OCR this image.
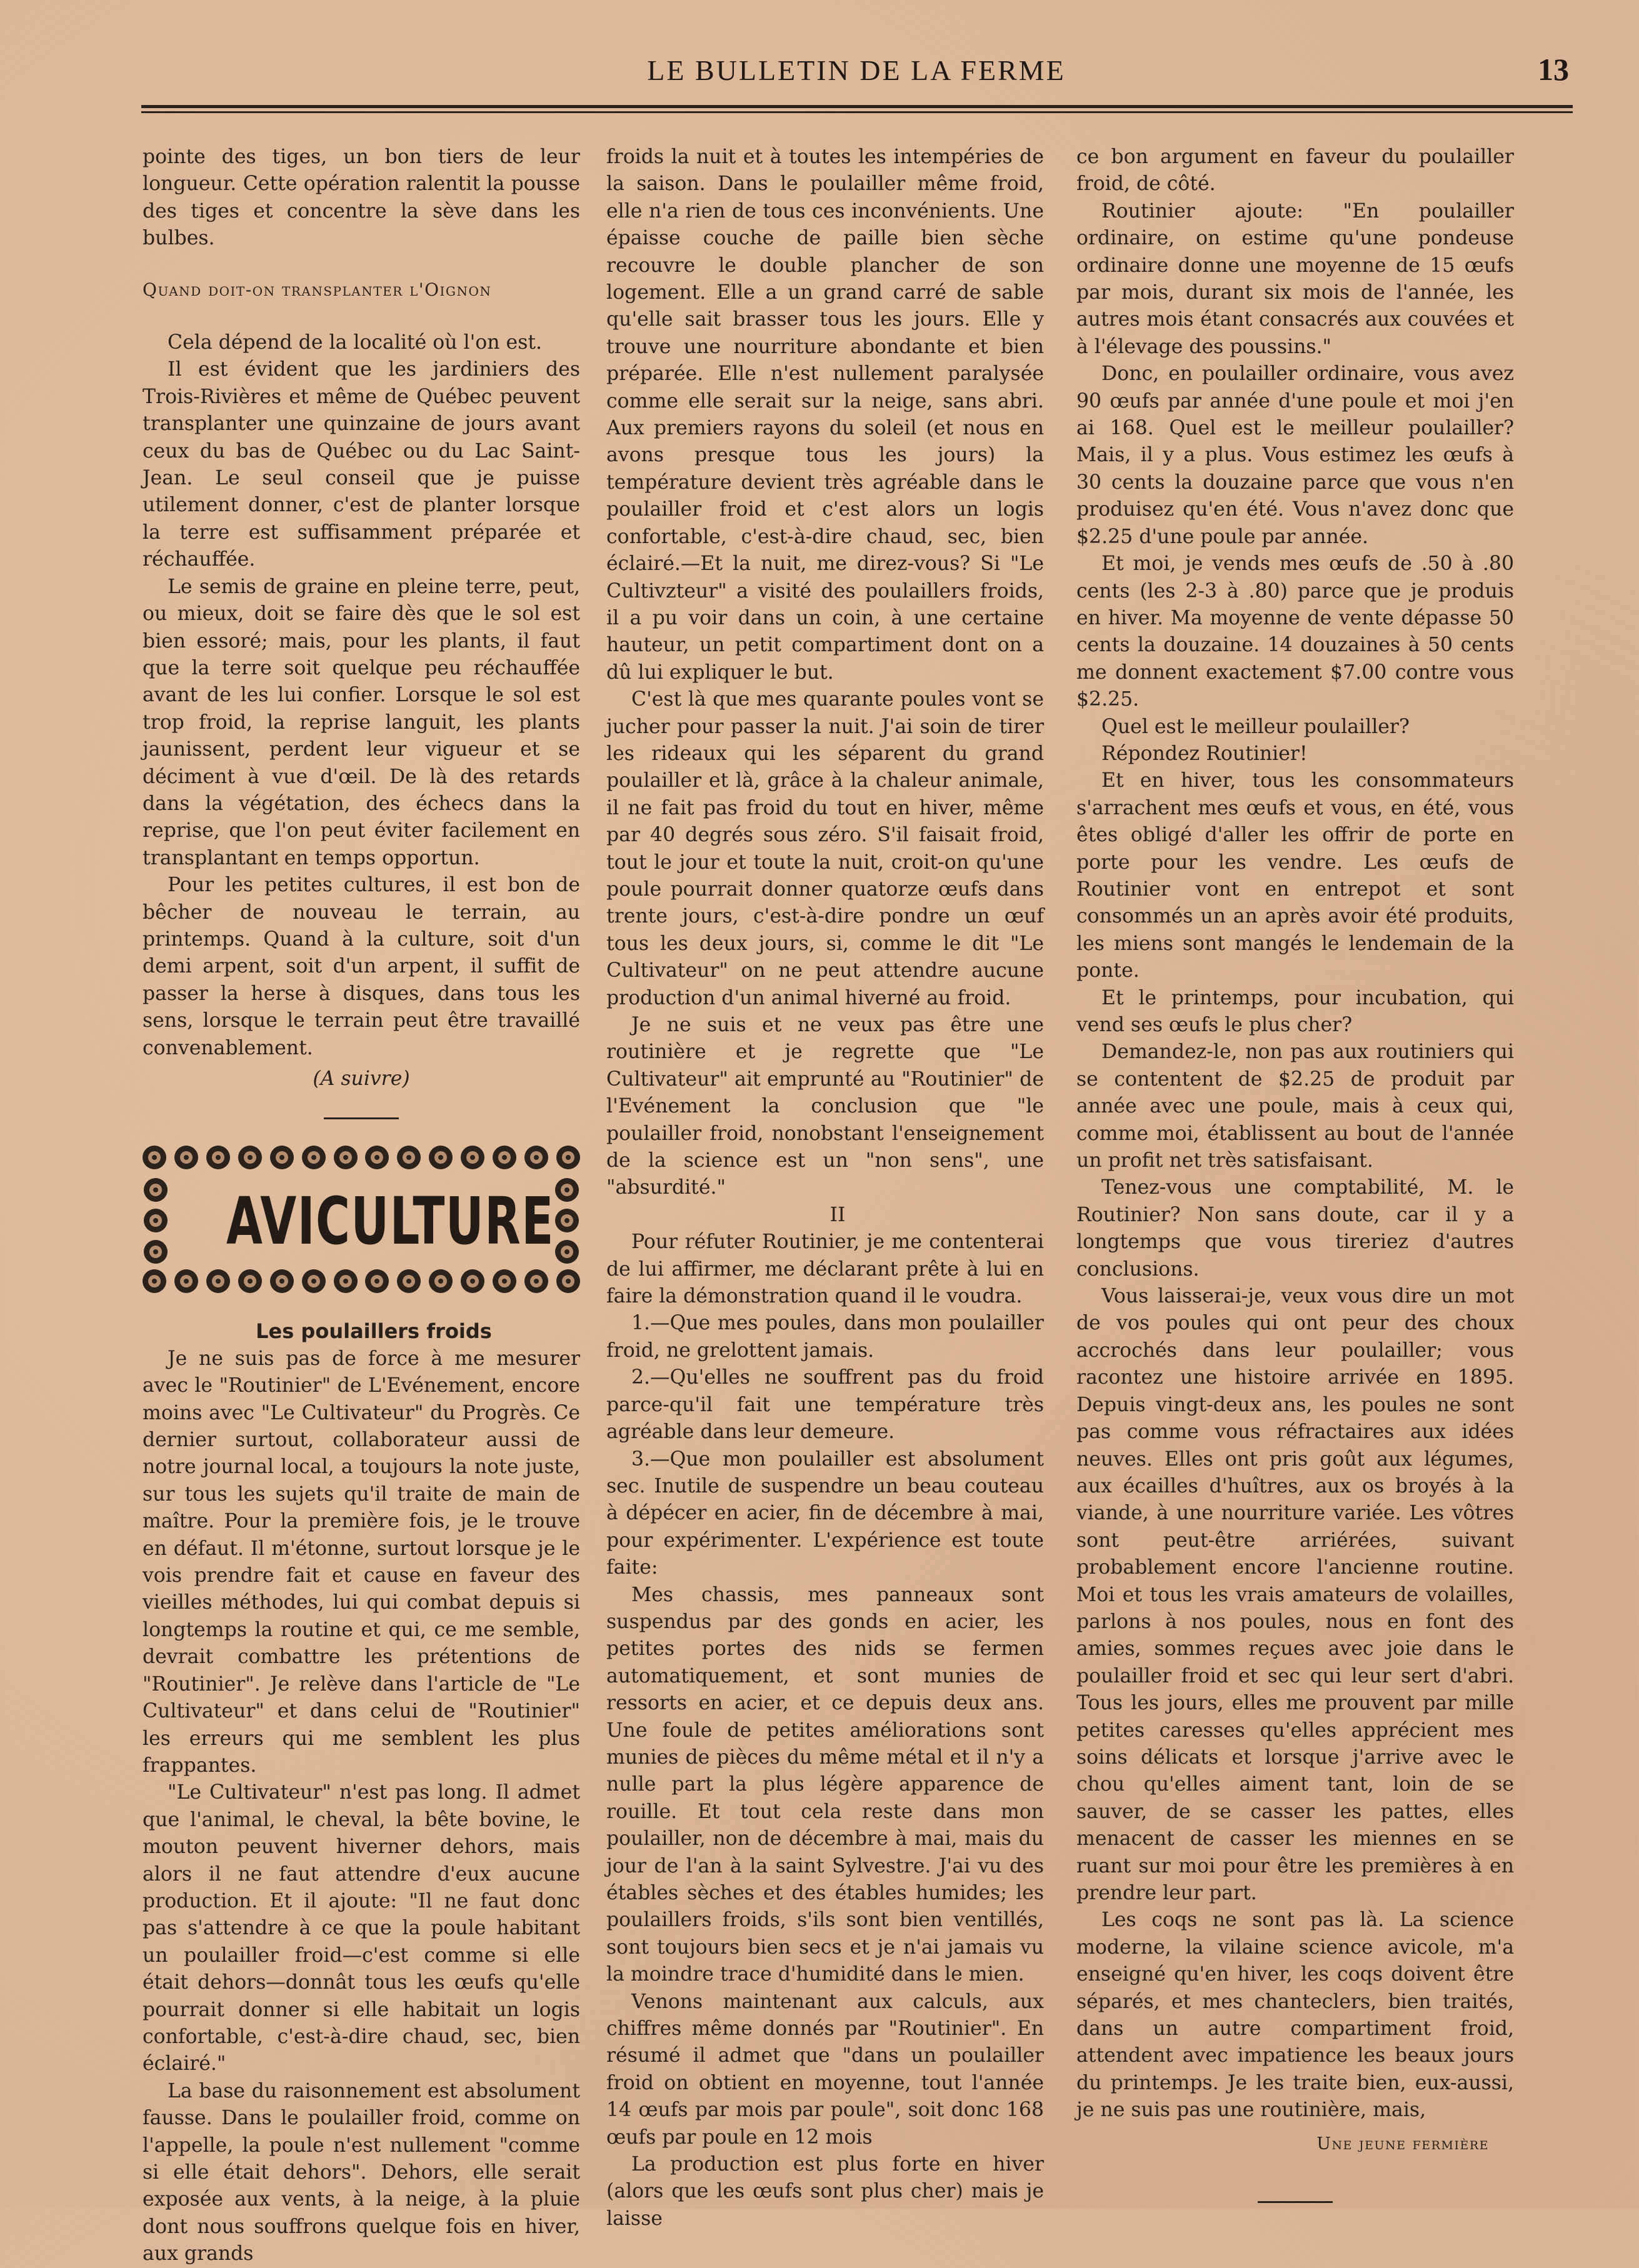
LE BULLETIN DE LA FERME	13

pointe des tiges, un bon tiers de leur longueur. Cette opération ralentit la pousse des tiges et concentre la sève dans les bulbes.

Quand doit-on transplanter l'Oignon

Cela dépend de la localité où l'on est.

Il est évident que les jardiniers des Trois-Rivières et même de Québec peuvent transplanter une quinzaine de jours avant ceux du bas de Québec ou du Lac Saint-Jean. Le seul conseil que je puisse utilement donner, c'est de planter lorsque la terre est suffisamment préparée et réchauffée.

Le semis de graine en pleine terre, peut, ou mieux, doit se faire dès que le sol est bien essoré; mais, pour les plants, il faut que la terre soit quelque peu réchauffée avant de les lui confier. Lorsque le sol est trop froid, la reprise languit, les plants jaunissent, perdent leur vigueur et se déciment à vue d'œil. De là des retards dans la végétation, des échecs dans la reprise, que l'on peut éviter facilement en transplantant en temps opportun.

Pour les petites cultures, il est bon de bêcher de nouveau le terrain, au printemps. Quand à la culture, soit d'un demi arpent, soit d'un arpent, il suffit de passer la herse à disques, dans tous les sens, lorsque le terrain peut être travaillé convenablement.

(A suivre)

AVICULTURE

Les poulaillers froids

Je ne suis pas de force à me mesurer avec le "Routinier" de L'Evénement, encore moins avec "Le Cultivateur" du Progrès. Ce dernier surtout, collaborateur aussi de notre journal local, a toujours la note juste, sur tous les sujets qu'il traite de main de maître. Pour la première fois, je le trouve en défaut. Il m'étonne, surtout lorsque je le vois prendre fait et cause en faveur des vieilles méthodes, lui qui combat depuis si longtemps la routine et qui, ce me semble, devrait combattre les prétentions de "Routinier". Je relève dans l'article de "Le Cultivateur" et dans celui de "Routinier" les erreurs qui me semblent les plus frappantes.

"Le Cultivateur" n'est pas long. Il admet que l'animal, le cheval, la bête bovine, le mouton peuvent hiverner dehors, mais alors il ne faut attendre d'eux aucune production. Et il ajoute: "Il ne faut donc pas s'attendre à ce que la poule habitant un poulailler froid—c'est comme si elle était dehors—donnât tous les œufs qu'elle pourrait donner si elle habitait un logis confortable, c'est-à-dire chaud, sec, bien éclairé."

La base du raisonnement est absolument fausse. Dans le poulailler froid, comme on l'appelle, la poule n'est nullement "comme si elle était dehors". Dehors, elle serait exposée aux vents, à la neige, à la pluie dont nous souffrons quelque fois en hiver, aux grands

froids la nuit et à toutes les intempéries de la saison. Dans le poulailler même froid, elle n'a rien de tous ces inconvénients. Une épaisse couche de paille bien sèche recouvre le double plancher de son logement. Elle a un grand carré de sable qu'elle sait brasser tous les jours. Elle y trouve une nourriture abondante et bien préparée. Elle n'est nullement paralysée comme elle serait sur la neige, sans abri. Aux premiers rayons du soleil (et nous en avons presque tous les jours) la température devient très agréable dans le poulailler froid et c'est alors un logis confortable, c'est-à-dire chaud, sec, bien éclairé.—Et la nuit, me direz-vous? Si "Le Cultivzteur" a visité des poulaillers froids, il a pu voir dans un coin, à une certaine hauteur, un petit compartiment dont on a dû lui expliquer le but.

C'est là que mes quarante poules vont se jucher pour passer la nuit. J'ai soin de tirer les rideaux qui les séparent du grand poulailler et là, grâce à la chaleur animale, il ne fait pas froid du tout en hiver, même par 40 degrés sous zéro. S'il faisait froid, tout le jour et toute la nuit, croit-on qu'une poule pourrait donner quatorze œufs dans trente jours, c'est-à-dire pondre un œuf tous les deux jours, si, comme le dit "Le Cultivateur" on ne peut attendre aucune production d'un animal hiverné au froid.

Je ne suis et ne veux pas être une routinière et je regrette que "Le Cultivateur" ait emprunté au "Routinier" de l'Evénement la conclusion que "le poulailler froid, nonobstant l'enseignement de la science est un "non sens", une "absurdité."

II

Pour réfuter Routinier, je me contenterai de lui affirmer, me déclarant prête à lui en faire la démonstration quand il le voudra.

1.—Que mes poules, dans mon poulailler froid, ne grelottent jamais.

2.—Qu'elles ne souffrent pas du froid parce-qu'il fait une température très agréable dans leur demeure.

3.—Que mon poulailler est absolument sec. Inutile de suspendre un beau couteau à dépécer en acier, fin de décembre à mai, pour expérimenter. L'expérience est toute faite:

Mes chassis, mes panneaux sont suspendus par des gonds en acier, les petites portes des nids se fermen automatiquement, et sont munies de ressorts en acier, et ce depuis deux ans. Une foule de petites améliorations sont munies de pièces du même métal et il n'y a nulle part la plus légère apparence de rouille. Et tout cela reste dans mon poulailler, non de décembre à mai, mais du jour de l'an à la saint Sylvestre. J'ai vu des étables sèches et des étables humides; les poulaillers froids, s'ils sont bien ventillés, sont toujours bien secs et je n'ai jamais vu la moindre trace d'humidité dans le mien.

Venons maintenant aux calculs, aux chiffres même donnés par "Routinier". En résumé il admet que "dans un poulailler froid on obtient en moyenne, tout l'année 14 œufs par mois par poule", soit donc 168 œufs par poule en 12 mois

La production est plus forte en hiver (alors que les œufs sont plus cher) mais je laisse

ce bon argument en faveur du poulailler froid, de côté.

Routinier ajoute: "En poulailler ordinaire, on estime qu'une pondeuse ordinaire donne une moyenne de 15 œufs par mois, durant six mois de l'année, les autres mois étant consacrés aux couvées et à l'élevage des poussins."

Donc, en poulailler ordinaire, vous avez 90 œufs par année d'une poule et moi j'en ai 168. Quel est le meilleur poulailler? Mais, il y a plus. Vous estimez les œufs à 30 cents la douzaine parce que vous n'en produisez qu'en été. Vous n'avez donc que $2.25 d'une poule par année.

Et moi, je vends mes œufs de .50 à .80 cents (les 2-3 à .80) parce que je produis en hiver. Ma moyenne de vente dépasse 50 cents la douzaine. 14 douzaines à 50 cents me donnent exactement $7.00 contre vous $2.25.

Quel est le meilleur poulailler?

Répondez Routinier!

Et en hiver, tous les consommateurs s'arrachent mes œufs et vous, en été, vous êtes obligé d'aller les offrir de porte en porte pour les vendre. Les œufs de Routinier vont en entrepot et sont consommés un an après avoir été produits, les miens sont mangés le lendemain de la ponte.

Et le printemps, pour incubation, qui vend ses œufs le plus cher?

Demandez-le, non pas aux routiniers qui se contentent de $2.25 de produit par année avec une poule, mais à ceux qui, comme moi, établissent au bout de l'année un profit net très satisfaisant.

Tenez-vous une comptabilité, M. le Routinier? Non sans doute, car il y a longtemps que vous tireriez d'autres conclusions.

Vous laisserai-je, veux vous dire un mot de vos poules qui ont peur des choux accrochés dans leur poulailler; vous racontez une histoire arrivée en 1895. Depuis vingt-deux ans, les poules ne sont pas comme vous réfractaires aux idées neuves. Elles ont pris goût aux légumes, aux écailles d'huîtres, aux os broyés à la viande, à une nourriture variée. Les vôtres sont peut-être arriérées, suivant probablement encore l'ancienne routine. Moi et tous les vrais amateurs de volailles, parlons à nos poules, nous en font des amies, sommes reçues avec joie dans le poulailler froid et sec qui leur sert d'abri. Tous les jours, elles me prouvent par mille petites caresses qu'elles apprécient mes soins délicats et lorsque j'arrive avec le chou qu'elles aiment tant, loin de se sauver, de se casser les pattes, elles menacent de casser les miennes en se ruant sur moi pour être les premières à en prendre leur part.

Les coqs ne sont pas là. La science moderne, la vilaine science avicole, m'a enseigné qu'en hiver, les coqs doivent être séparés, et mes chanteclers, bien traités, dans un autre compartiment froid, attendent avec impatience les beaux jours du printemps. Je les traite bien, eux-aussi, je ne suis pas une routinière, mais,

Une jeune fermière
